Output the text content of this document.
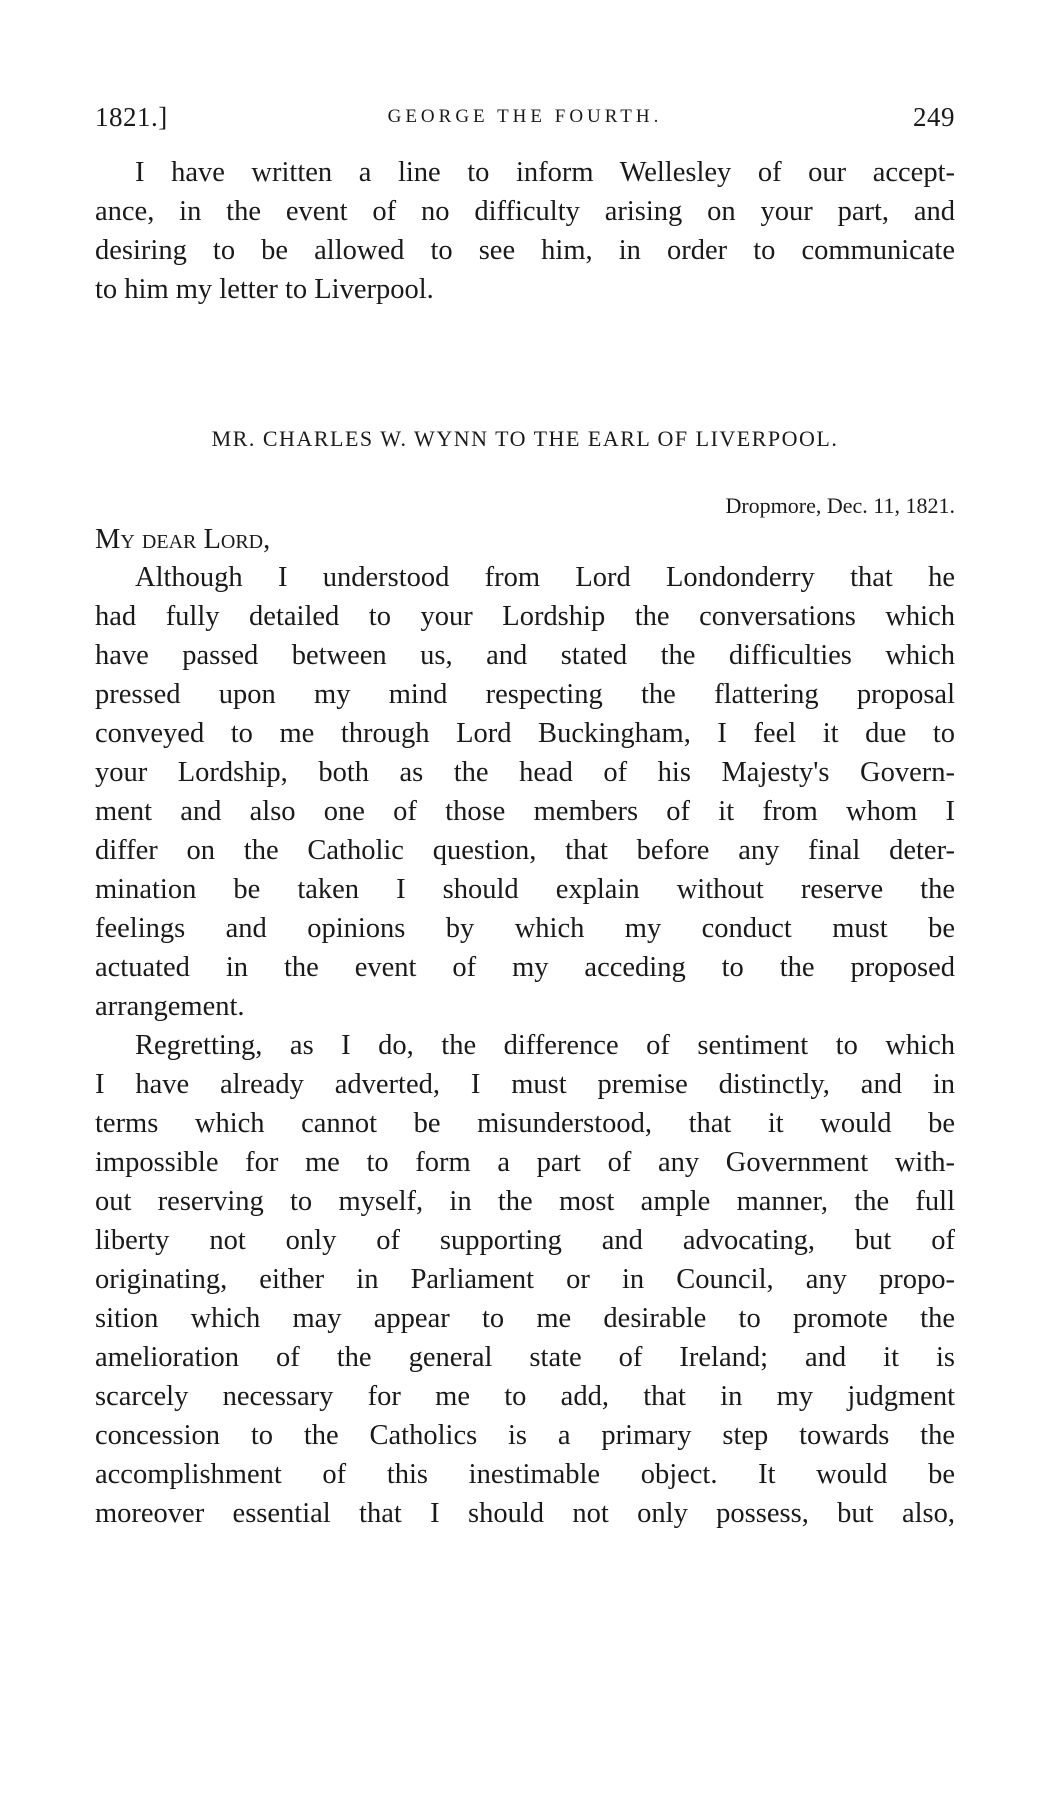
1821.]	GEORGE THE FOURTH.	249
I have written a line to inform Wellesley of our accept-
ance, in the event of no difficulty arising on your part, and
desiring to be allowed to see him, in order to communicate
to him my letter to Liverpool.
MR. CHARLES W. WYNN TO THE EARL OF LIVERPOOL.
Dropmore, Dec. 11, 1821.
My dear Lord,
Although I understood from Lord Londonderry that he
had fully detailed to your Lordship the conversations which
have passed between us, and stated the difficulties which
pressed upon my mind respecting the flattering proposal
conveyed to me through Lord Buckingham, I feel it due to
your Lordship, both as the head of his Majesty's Govern-
ment and also one of those members of it from whom I
differ on the Catholic question, that before any final deter-
mination be taken I should explain without reserve the
feelings and opinions by which my conduct must be
actuated in the event of my acceding to the proposed
arrangement.
Regretting, as I do, the difference of sentiment to which
I have already adverted, I must premise distinctly, and in
terms which cannot be misunderstood, that it would be
impossible for me to form a part of any Government with-
out reserving to myself, in the most ample manner, the full
liberty not only of supporting and advocating, but of
originating, either in Parliament or in Council, any propo-
sition which may appear to me desirable to promote the
amelioration of the general state of Ireland; and it is
scarcely necessary for me to add, that in my judgment
concession to the Catholics is a primary step towards the
accomplishment of this inestimable object. It would be
moreover essential that I should not only possess, but also,
